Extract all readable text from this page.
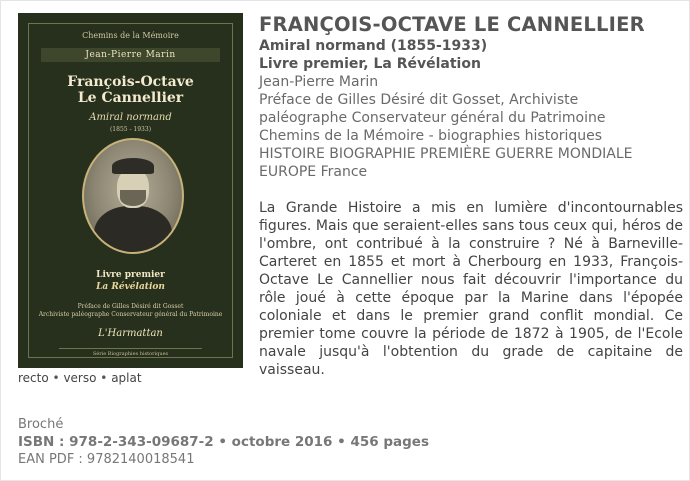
Chemins de la Mémoire
Jean-Pierre Marin
François-Octave
Le Cannellier
Amiral normand
(1855 - 1933)
Livre premier
La Révélation
Préface de Gilles Désiré dit Gosset
Archiviste paléographe Conservateur général du Patrimoine
L'Harmattan
Série Biographies historiques
recto • verso • aplat
FRANÇOIS-OCTAVE LE CANNELLIER
Amiral normand (1855-1933)
Livre premier, La Révélation
Jean-Pierre Marin
Préface de Gilles Désiré dit Gosset, Archiviste
paléographe Conservateur général du Patrimoine
Chemins de la Mémoire - biographies historiques
HISTOIRE BIOGRAPHIE PREMIÈRE GUERRE MONDIALE
EUROPE France
La Grande Histoire a mis en lumière d'incontournables figures. Mais que seraient-elles sans tous ceux qui, héros de l'ombre, ont contribué à la construire ? Né à Barneville-Carteret en 1855 et mort à Cherbourg en 1933, François-Octave Le Cannellier nous fait découvrir l'importance du rôle joué à cette époque par la Marine dans l'épopée coloniale et dans le premier grand conflit mondial. Ce premier tome couvre la période de 1872 à 1905, de l'Ecole navale jusqu'à l'obtention du grade de capitaine de vaisseau.
Broché
ISBN : 978-2-343-09687-2 • octobre 2016 • 456 pages
EAN PDF : 9782140018541
